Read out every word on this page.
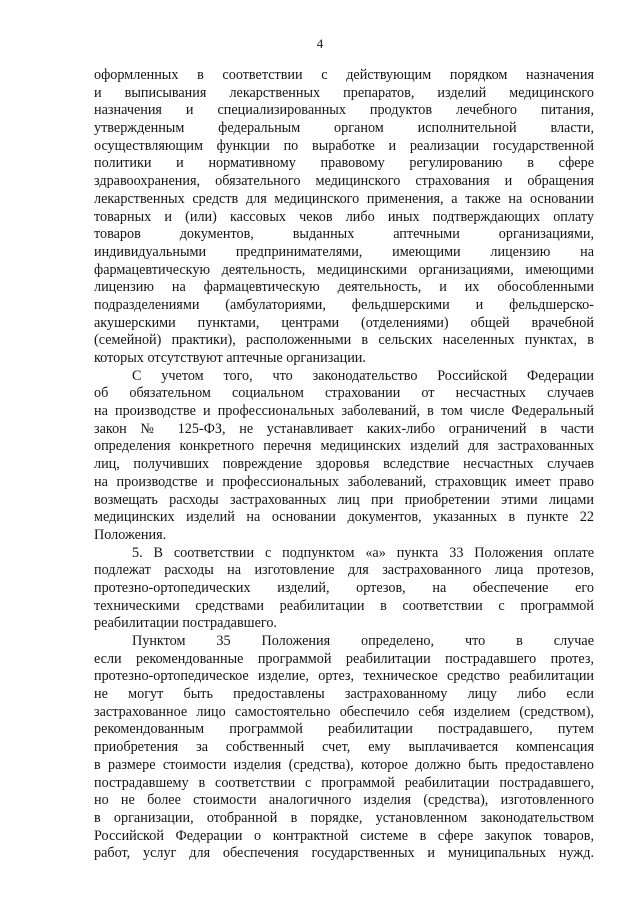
4
оформленных в соответствии с действующим порядком назначения
и выписывания лекарственных препаратов, изделий медицинского
назначения и специализированных продуктов лечебного питания,
утвержденным федеральным органом исполнительной власти,
осуществляющим функции по выработке и реализации государственной
политики и нормативному правовому регулированию в сфере
здравоохранения, обязательного медицинского страхования и обращения
лекарственных средств для медицинского применения, а также на основании
товарных и (или) кассовых чеков либо иных подтверждающих оплату
товаров документов, выданных аптечными организациями,
индивидуальными предпринимателями, имеющими лицензию на
фармацевтическую деятельность, медицинскими организациями, имеющими
лицензию на фармацевтическую деятельность, и их обособленными
подразделениями (амбулаториями, фельдшерскими и фельдшерско-
акушерскими пунктами, центрами (отделениями) общей врачебной
(семейной) практики), расположенными в сельских населенных пунктах, в
которых отсутствуют аптечные организации.
С учетом того, что законодательство Российской Федерации
об обязательном социальном страховании от несчастных случаев
на производстве и профессиональных заболеваний, в том числе Федеральный
закон № 125-ФЗ, не устанавливает каких-либо ограничений в части
определения конкретного перечня медицинских изделий для застрахованных
лиц, получивших повреждение здоровья вследствие несчастных случаев
на производстве и профессиональных заболеваний, страховщик имеет право
возмещать расходы застрахованных лиц при приобретении этими лицами
медицинских изделий на основании документов, указанных в пункте 22
Положения.
5. В соответствии с подпунктом «а» пункта 33 Положения оплате
подлежат расходы на изготовление для застрахованного лица протезов,
протезно-ортопедических изделий, ортезов, на обеспечение его
техническими средствами реабилитации в соответствии с программой
реабилитации пострадавшего.
Пунктом 35 Положения определено, что в случае
если рекомендованные программой реабилитации пострадавшего протез,
протезно-ортопедическое изделие, ортез, техническое средство реабилитации
не могут быть предоставлены застрахованному лицу либо если
застрахованное лицо самостоятельно обеспечило себя изделием (средством),
рекомендованным программой реабилитации пострадавшего, путем
приобретения за собственный счет, ему выплачивается компенсация
в размере стоимости изделия (средства), которое должно быть предоставлено
пострадавшему в соответствии с программой реабилитации пострадавшего,
но не более стоимости аналогичного изделия (средства), изготовленного
в организации, отобранной в порядке, установленном законодательством
Российской Федерации о контрактной системе в сфере закупок товаров,
работ, услуг для обеспечения государственных и муниципальных нужд.
